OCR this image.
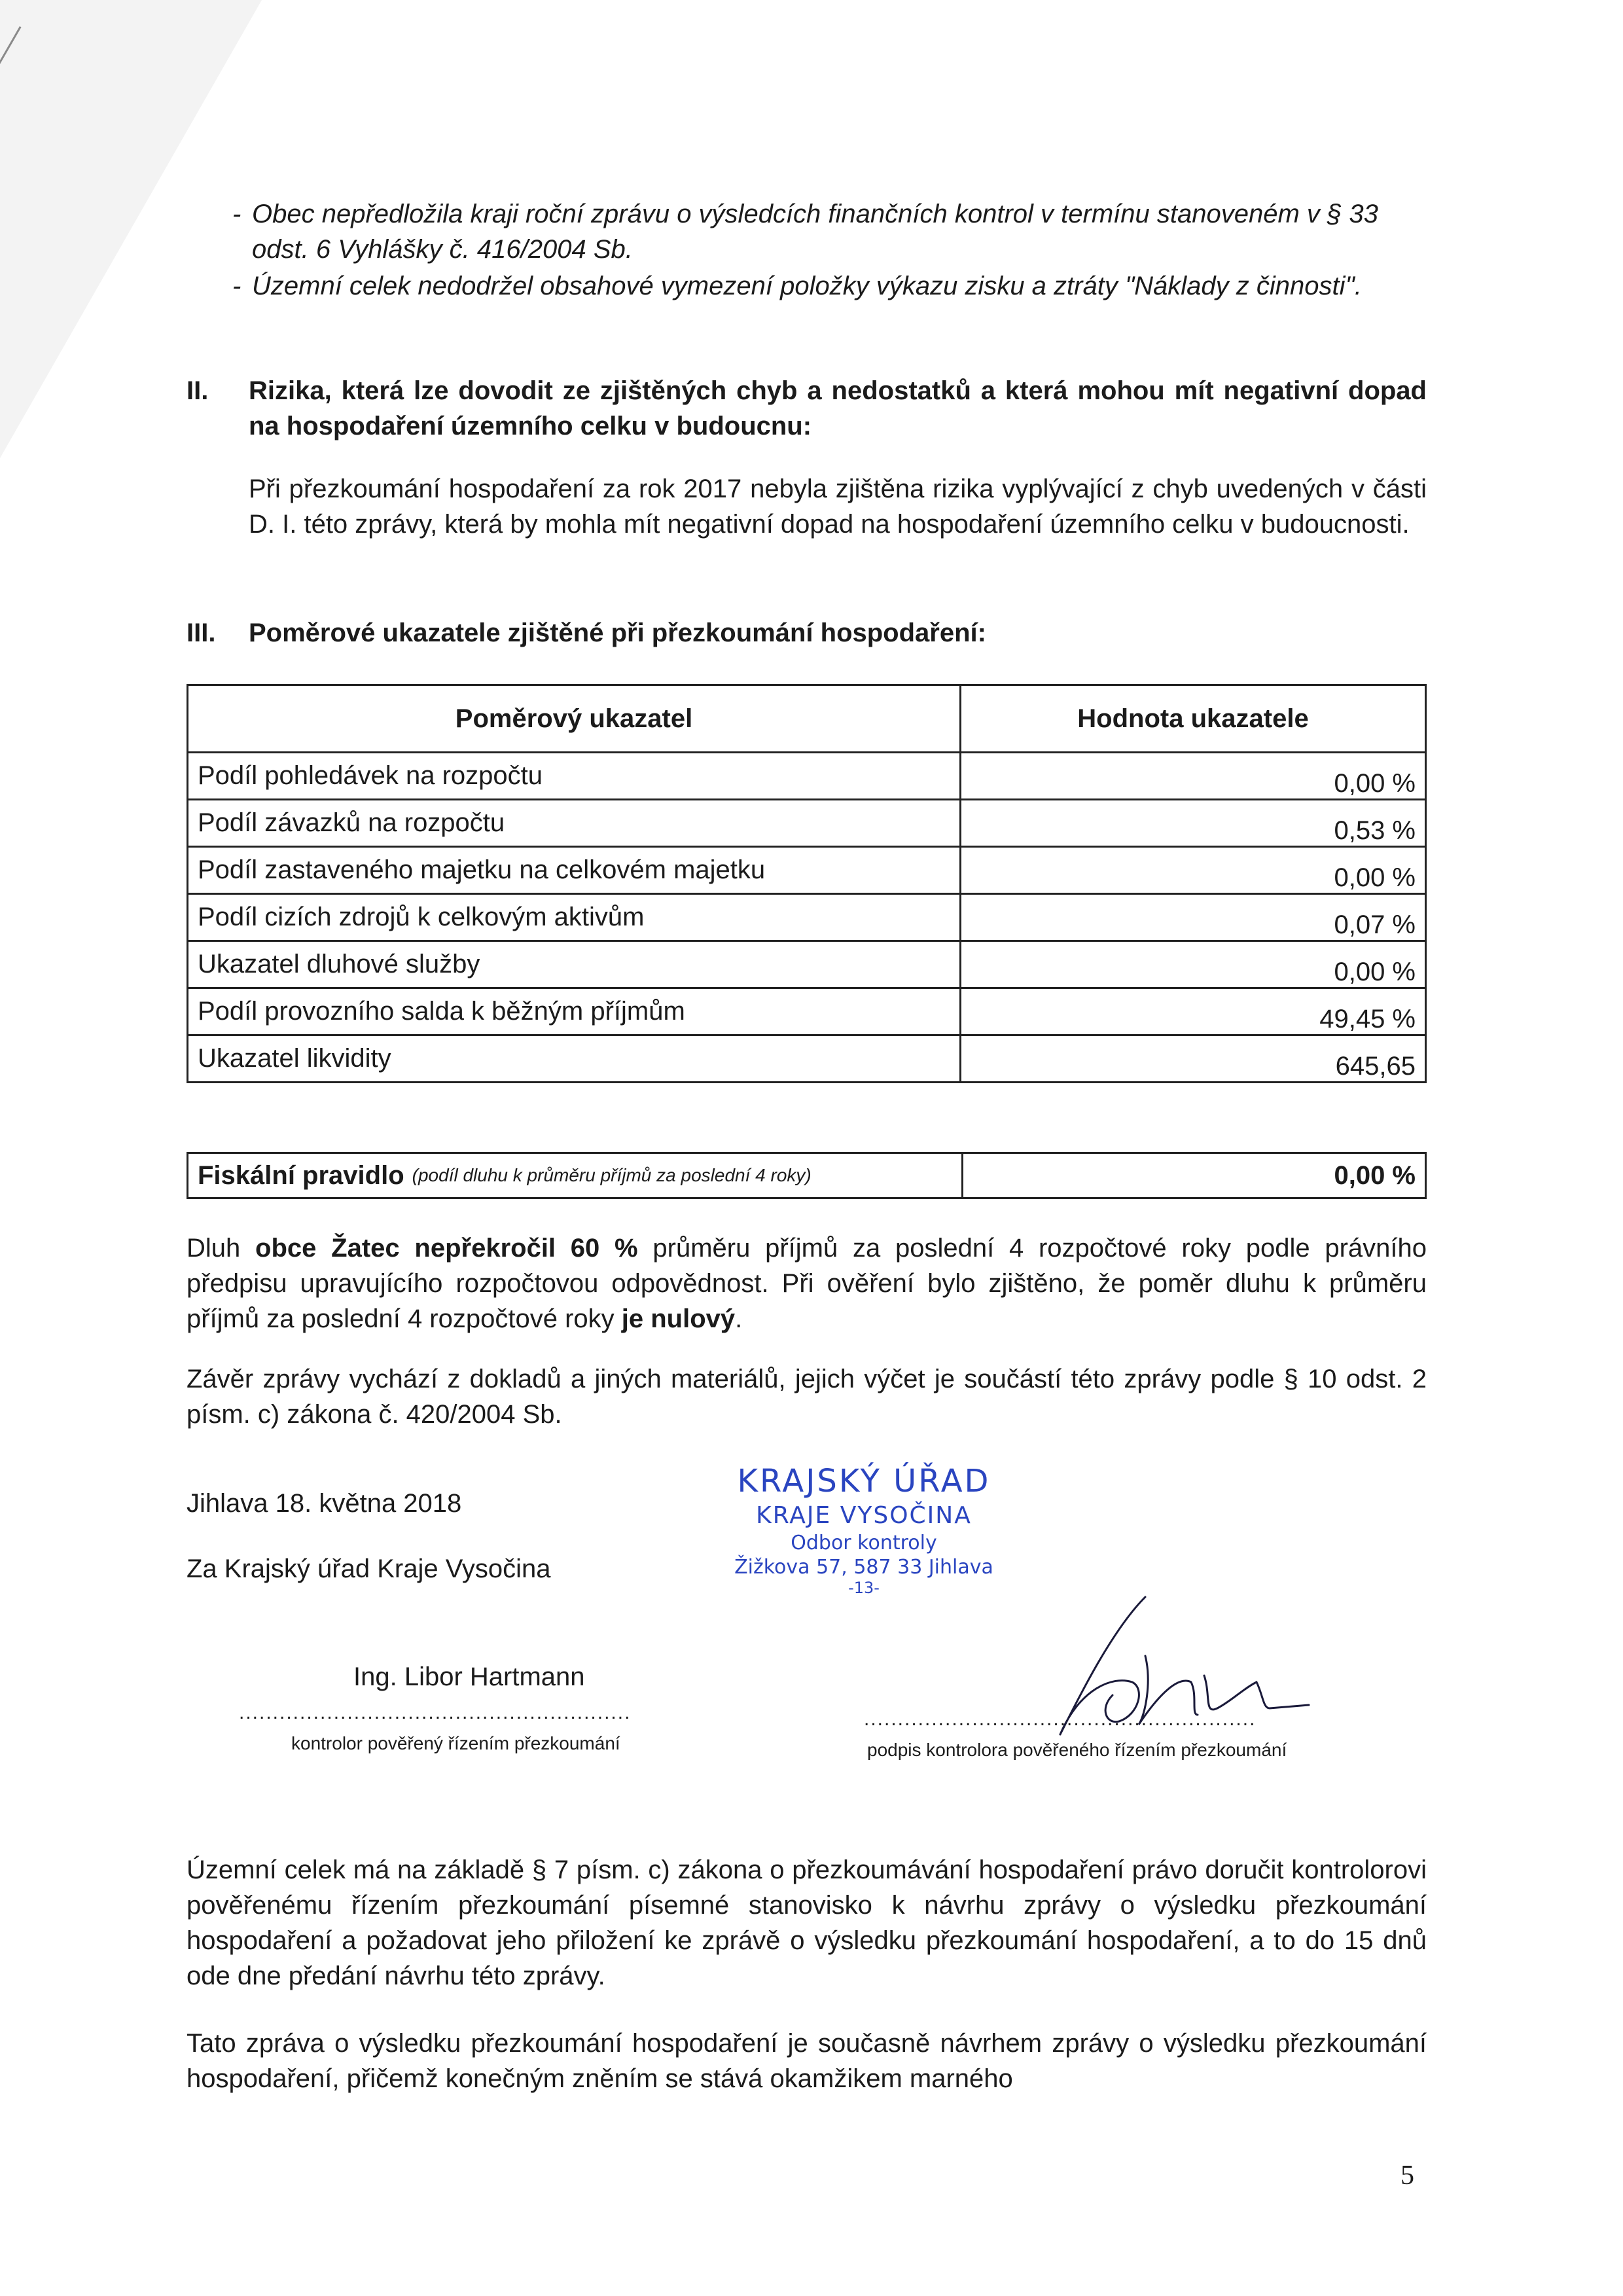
- Obec nepředložila kraji roční zprávu o výsledcích finančních kontrol v termínu stanoveném v § 33 odst. 6 Vyhlášky č. 416/2004 Sb.
- Územní celek nedodržel obsahové vymezení položky výkazu zisku a ztráty "Náklady z činnosti".
II. Rizika, která lze dovodit ze zjištěných chyb a nedostatků a která mohou mít negativní dopad na hospodaření územního celku v budoucnu:
Při přezkoumání hospodaření za rok 2017 nebyla zjištěna rizika vyplývající z chyb uvedených v části D. I. této zprávy, která by mohla mít negativní dopad na hospodaření územního celku v budoucnosti.
III. Poměrové ukazatele zjištěné při přezkoumání hospodaření:
Poměrový ukazatel	Hodnota ukazatele
Podíl pohledávek na rozpočtu	0,00 %
Podíl závazků na rozpočtu	0,53 %
Podíl zastaveného majetku na celkovém majetku	0,00 %
Podíl cizích zdrojů k celkovým aktivům	0,07 %
Ukazatel dluhové služby	0,00 %
Podíl provozního salda k běžným příjmům	49,45 %
Ukazatel likvidity	645,65
Fiskální pravidlo (podíl dluhu k průměru příjmů za poslední 4 roky)	0,00 %
Dluh obce Žatec nepřekročil 60 % průměru příjmů za poslední 4 rozpočtové roky podle právního předpisu upravujícího rozpočtovou odpovědnost. Při ověření bylo zjištěno, že poměr dluhu k průměru příjmů za poslední 4 rozpočtové roky je nulový.
Závěr zprávy vychází z dokladů a jiných materiálů, jejich výčet je součástí této zprávy podle § 10 odst. 2 písm. c) zákona č. 420/2004 Sb.
Jihlava 18. května 2018
Za Krajský úřad Kraje Vysočina
KRAJSKÝ ÚŘAD
KRAJE VYSOČINA
Odbor kontroly
Žižkova 57, 587 33 Jihlava
-13-
Ing. Libor Hartmann
..........................................................
kontrolor pověřený řízením přezkoumání
..........................................................
podpis kontrolora pověřeného řízením přezkoumání
Územní celek má na základě § 7 písm. c) zákona o přezkoumávání hospodaření právo doručit kontrolorovi pověřenému řízením přezkoumání písemné stanovisko k návrhu zprávy o výsledku přezkoumání hospodaření a požadovat jeho přiložení ke zprávě o výsledku přezkoumání hospodaření, a to do 15 dnů ode dne předání návrhu této zprávy.
Tato zpráva o výsledku přezkoumání hospodaření je současně návrhem zprávy o výsledku přezkoumání hospodaření, přičemž konečným zněním se stává okamžikem marného
5
